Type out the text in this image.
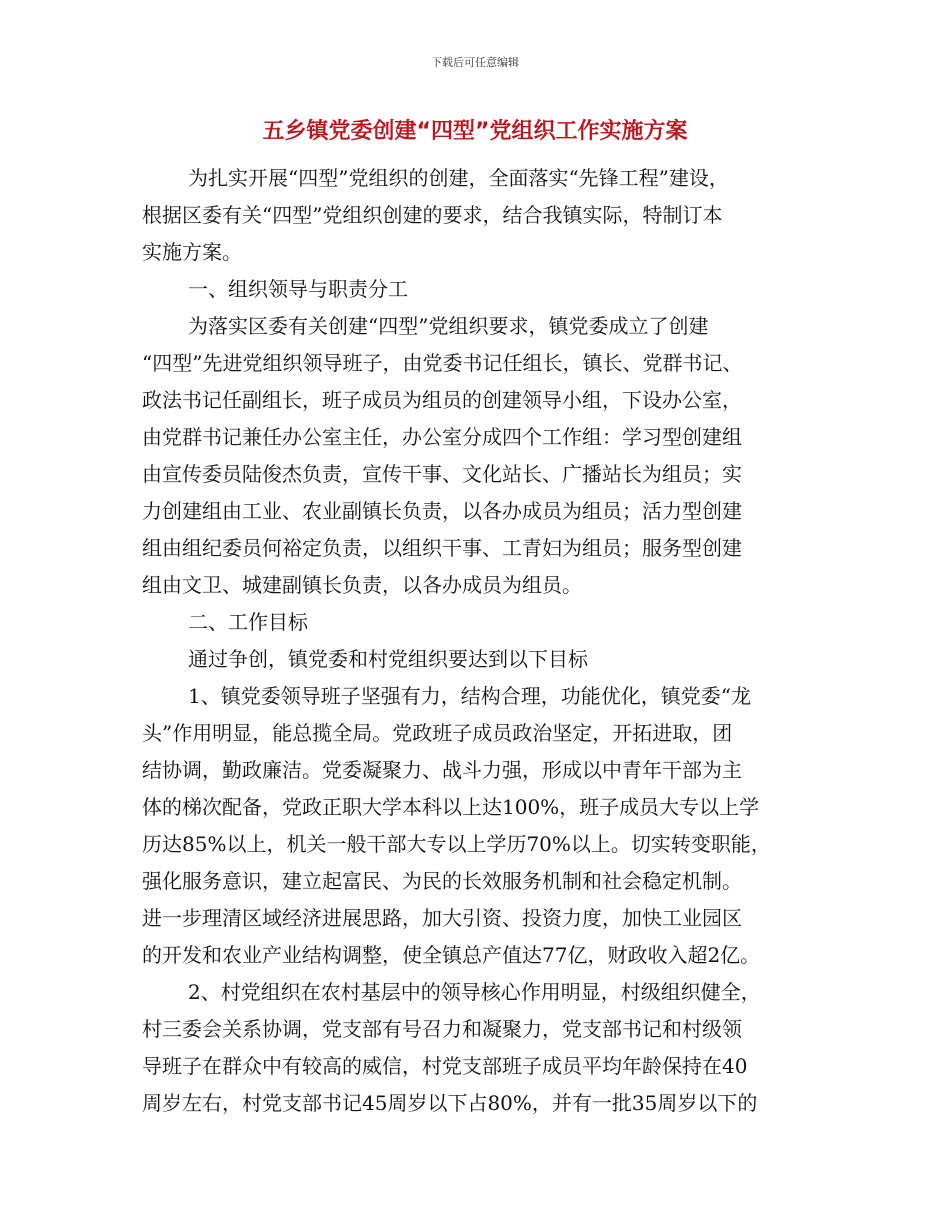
下载后可任意编辑
五乡镇党委创建“四型”党组织工作实施方案
为扎实开展“四型”党组织的创建，全面落实“先锋工程”建设，
根据区委有关“四型”党组织创建的要求，结合我镇实际，特制订本
实施方案。
一、组织领导与职责分工
为落实区委有关创建“四型”党组织要求，镇党委成立了创建
“四型”先进党组织领导班子，由党委书记任组长，镇长、党群书记、
政法书记任副组长，班子成员为组员的创建领导小组，下设办公室，
由党群书记兼任办公室主任，办公室分成四个工作组：学习型创建组
由宣传委员陆俊杰负责，宣传干事、文化站长、广播站长为组员；实
力创建组由工业、农业副镇长负责，以各办成员为组员；活力型创建
组由组纪委员何裕定负责，以组织干事、工青妇为组员；服务型创建
组由文卫、城建副镇长负责，以各办成员为组员。
二、工作目标
通过争创，镇党委和村党组织要达到以下目标
1、镇党委领导班子坚强有力，结构合理，功能优化，镇党委“龙
头”作用明显，能总揽全局。党政班子成员政治坚定，开拓进取，团
结协调，勤政廉洁。党委凝聚力、战斗力强，形成以中青年干部为主
体的梯次配备，党政正职大学本科以上达100%，班子成员大专以上学
历达85%以上，机关一般干部大专以上学历70%以上。切实转变职能，
强化服务意识，建立起富民、为民的长效服务机制和社会稳定机制。
进一步理清区域经济进展思路，加大引资、投资力度，加快工业园区
的开发和农业产业结构调整，使全镇总产值达77亿，财政收入超2亿。
2、村党组织在农村基层中的领导核心作用明显，村级组织健全，
村三委会关系协调，党支部有号召力和凝聚力，党支部书记和村级领
导班子在群众中有较高的威信，村党支部班子成员平均年龄保持在40
周岁左右，村党支部书记45周岁以下占80%，并有一批35周岁以下的
